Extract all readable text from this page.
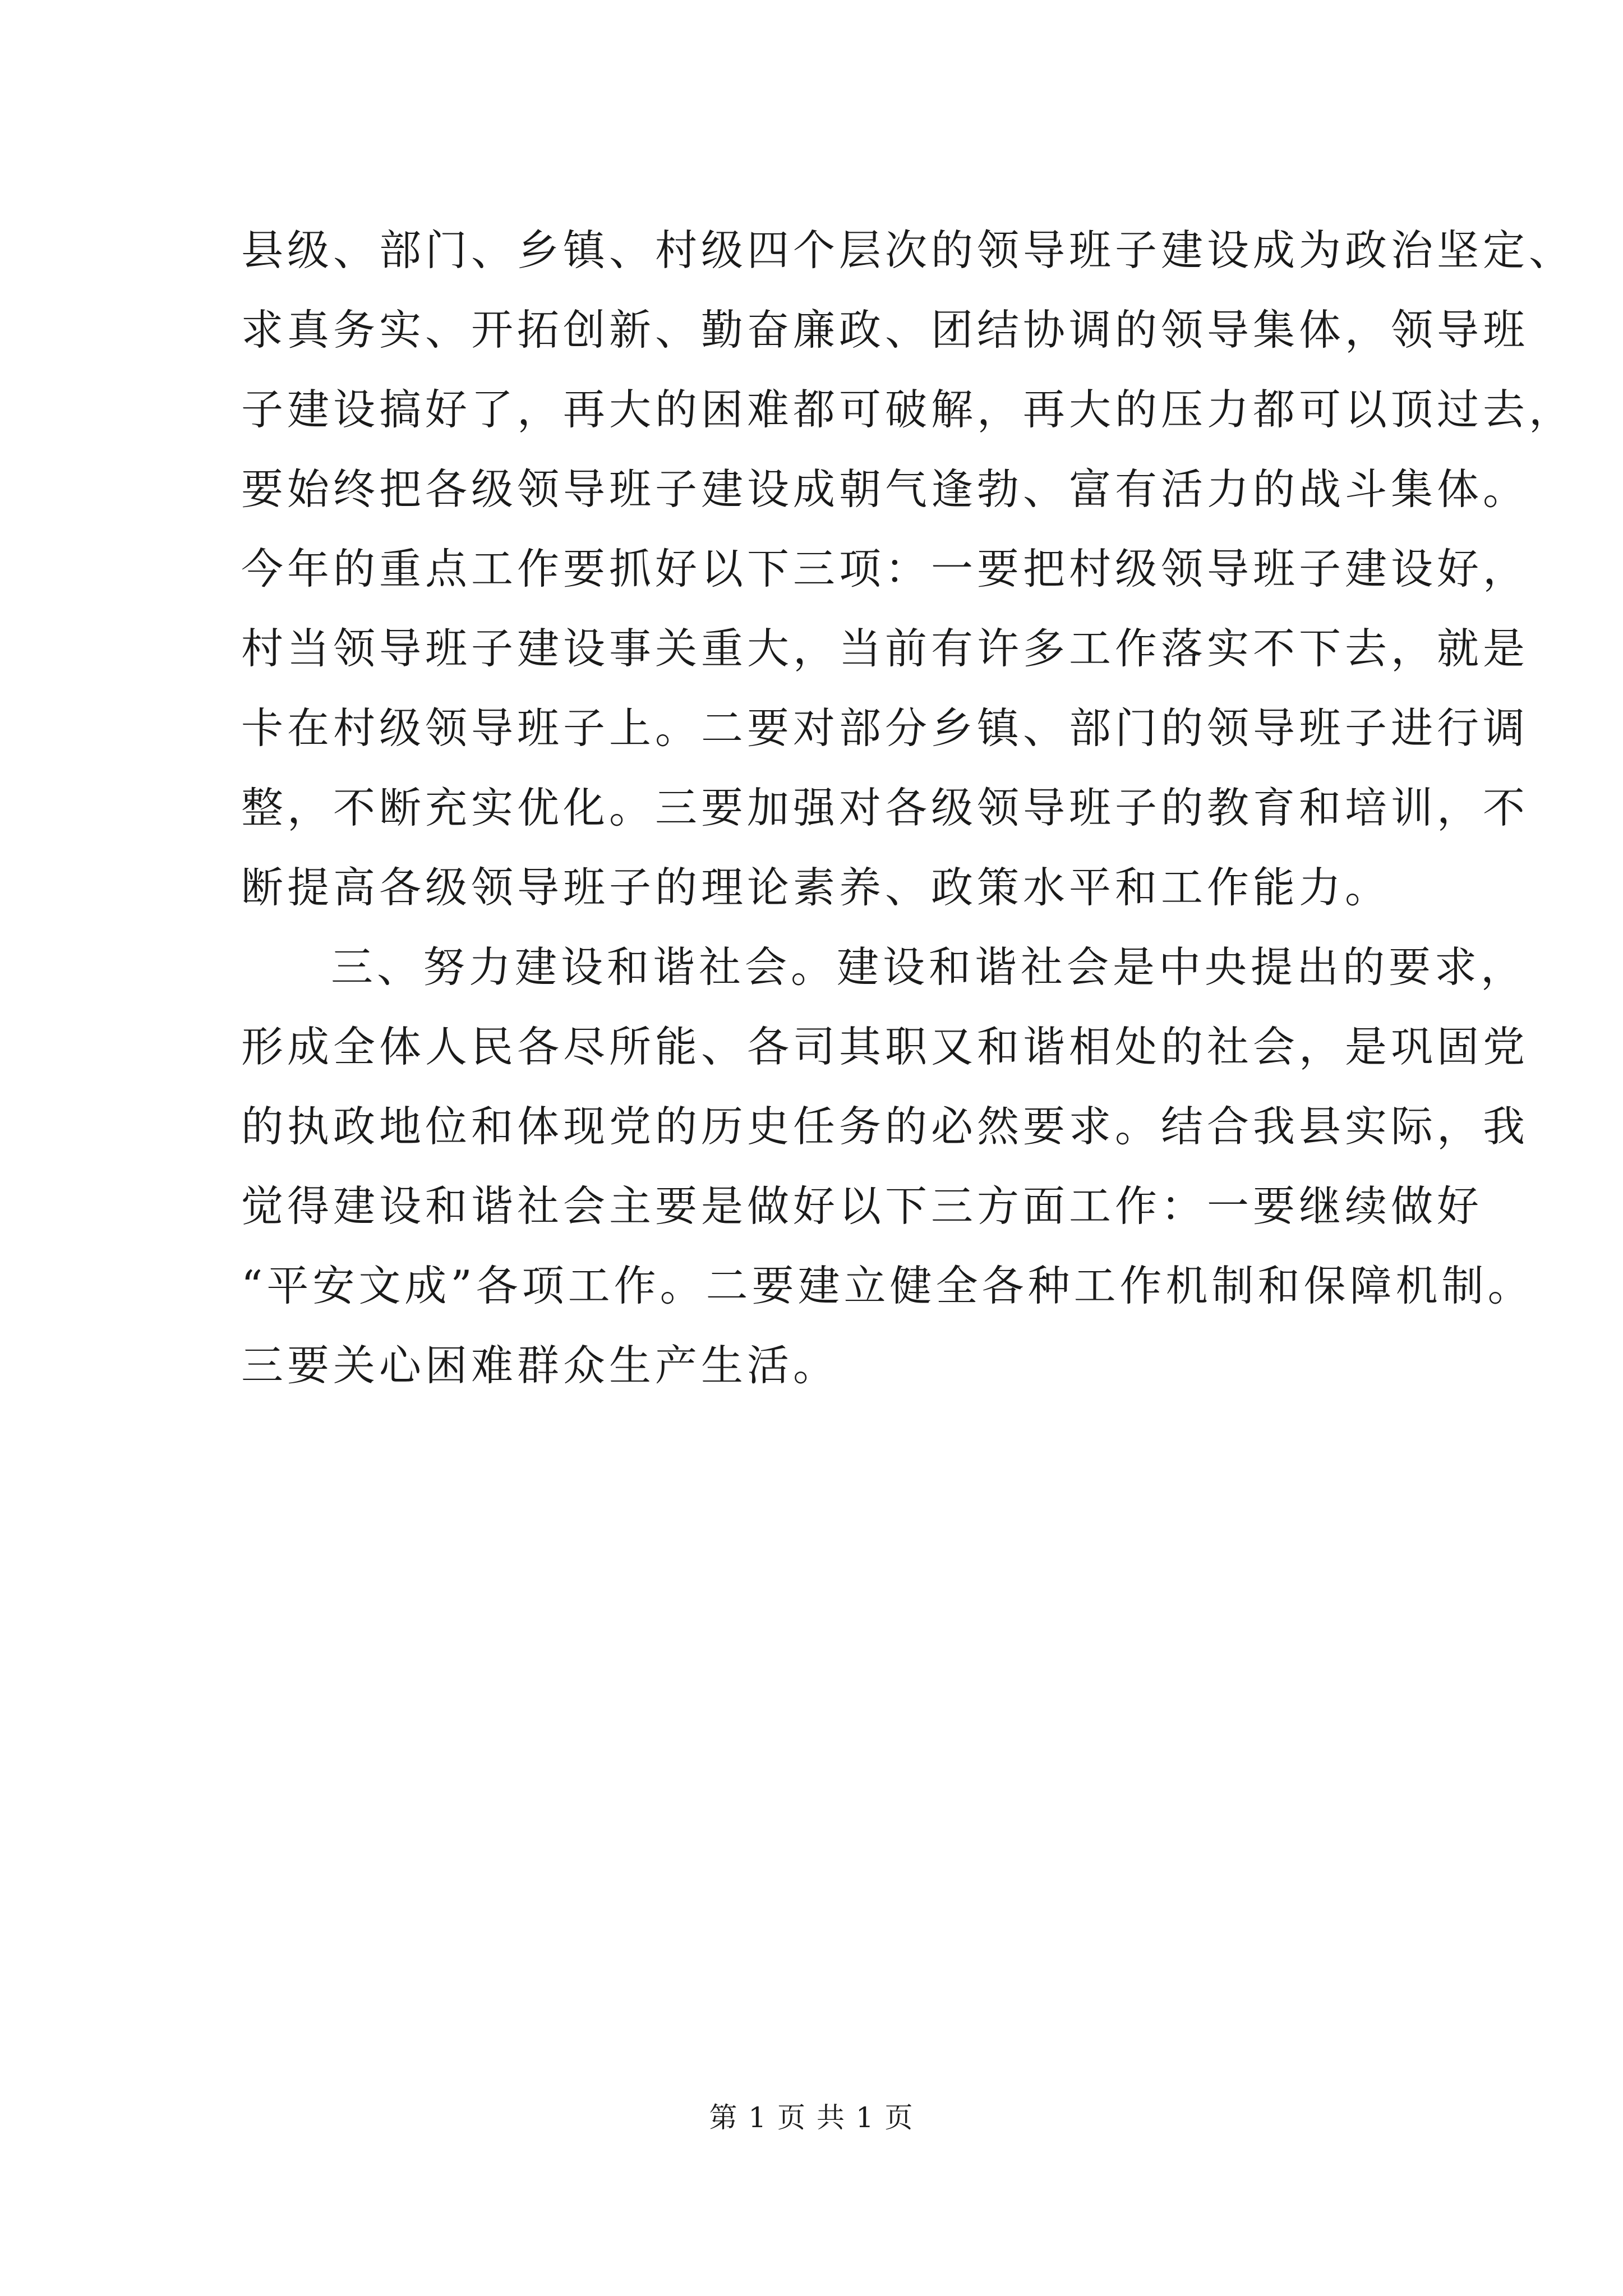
县级、部门、乡镇、村级四个层次的领导班子建设成为政治坚定、
求真务实、开拓创新、勤奋廉政、团结协调的领导集体，领导班
子建设搞好了，再大的困难都可破解，再大的压力都可以顶过去，
要始终把各级领导班子建设成朝气逢勃、富有活力的战斗集体。
今年的重点工作要抓好以下三项：一要把村级领导班子建设好，
村当领导班子建设事关重大，当前有许多工作落实不下去，就是
卡在村级领导班子上。二要对部分乡镇、部门的领导班子进行调
整，不断充实优化。三要加强对各级领导班子的教育和培训，不
断提高各级领导班子的理论素养、政策水平和工作能力。
三、努力建设和谐社会。建设和谐社会是中央提出的要求，
形成全体人民各尽所能、各司其职又和谐相处的社会，是巩固党
的执政地位和体现党的历史任务的必然要求。结合我县实际，我
觉得建设和谐社会主要是做好以下三方面工作：一要继续做好
“平安文成”各项工作。二要建立健全各种工作机制和保障机制。
三要关心困难群众生产生活。
第 1 页 共 1 页
